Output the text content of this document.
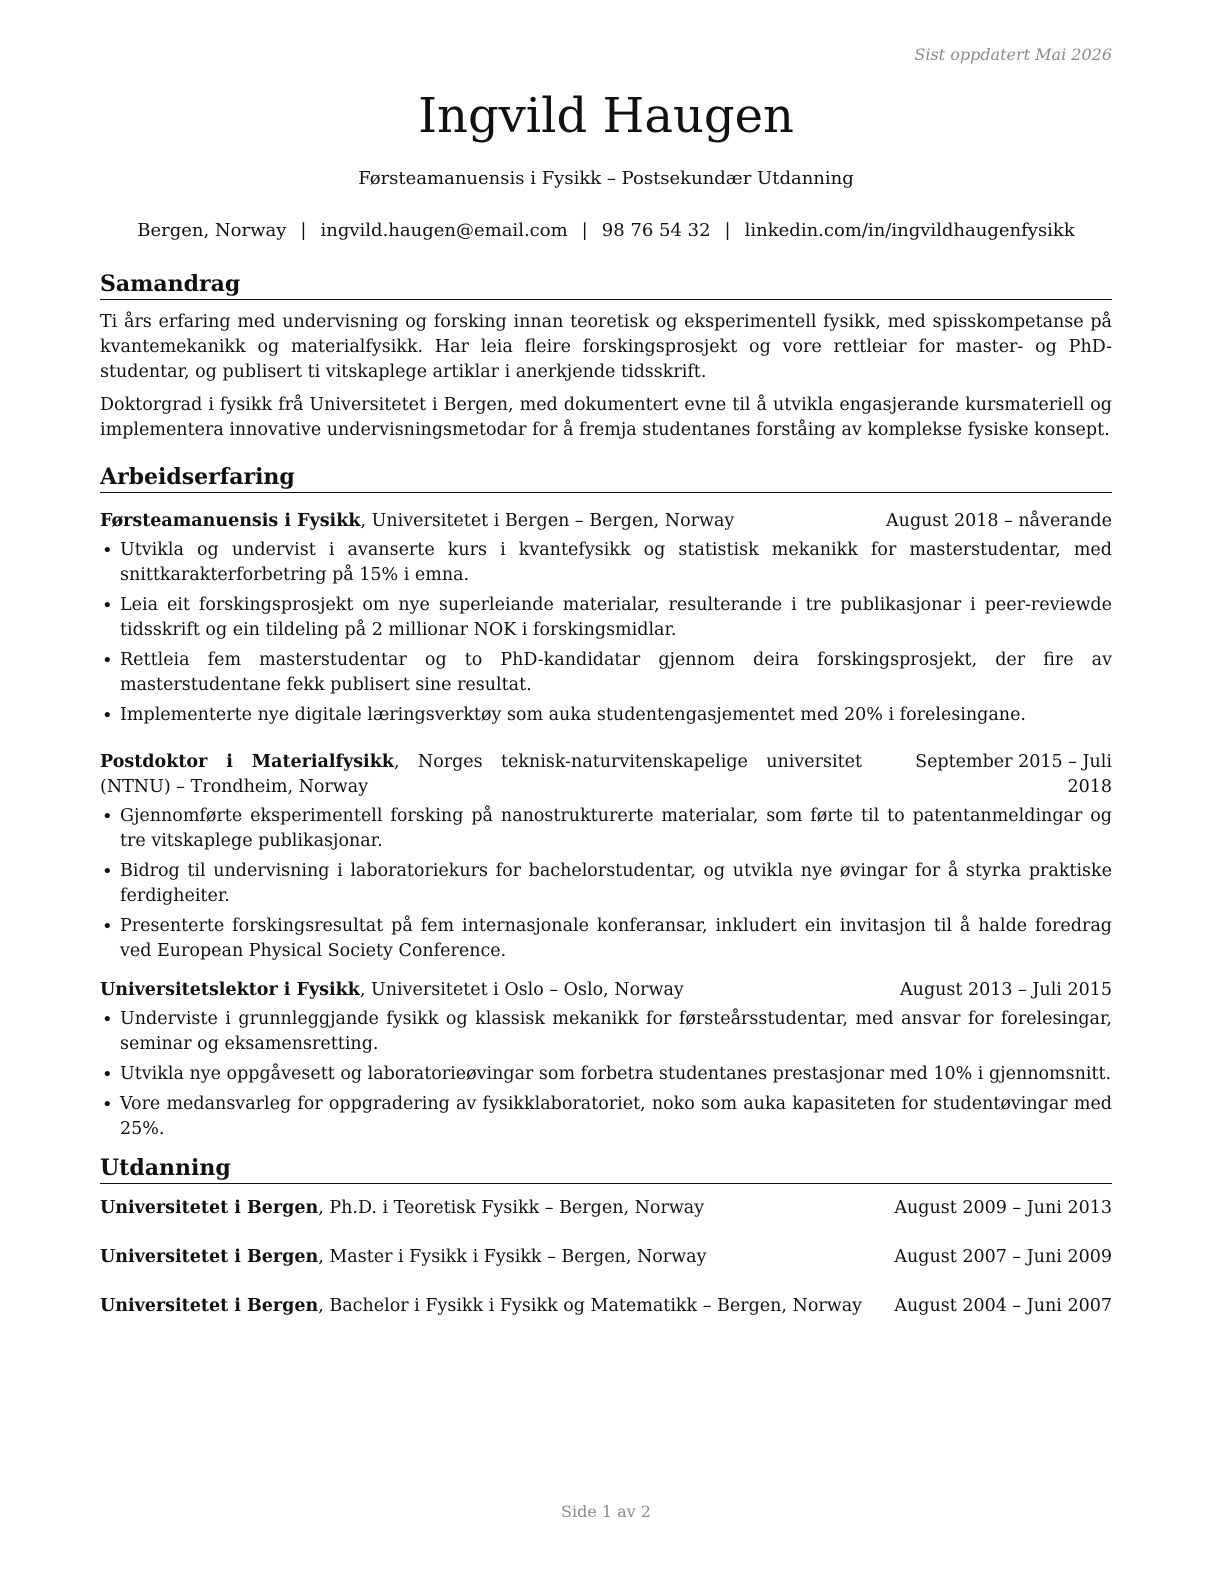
Sist oppdatert Mai 2026
Ingvild Haugen
Førsteamanuensis i Fysikk – Postsekundær Utdanning
Bergen, Norway | ingvild.haugen@email.com | 98 76 54 32 | linkedin.com/in/ingvildhaugenfysikk
Samandrag

Ti års erfaring med undervisning og forsking innan teoretisk og eksperimentell fysikk, med spisskompetanse på kvantemekanikk og materialfysikk. Har leia fleire forskingsprosjekt og vore rettleiar for master- og PhD-studentar, og publisert ti vitskaplege artiklar i anerkjende tidsskrift.

Doktorgrad i fysikk frå Universitetet i Bergen, med dokumentert evne til å utvikla engasjerande kursmateriell og implementera innovative undervisningsmetodar for å fremja studentanes forståing av komplekse fysiske konsept.

Arbeidserfaring
Førsteamanuensis i Fysikk, Universitetet i Bergen – Bergen, Norway	August 2018 – nåverande
• Utvikla og undervist i avanserte kurs i kvantefysikk og statistisk mekanikk for masterstudentar, med snittkarakterforbetring på 15% i emna.
• Leia eit forskingsprosjekt om nye superleiande materialar, resulterande i tre publikasjonar i peer-reviewde tidsskrift og ein tildeling på 2 millionar NOK i forskingsmidlar.
• Rettleia fem masterstudentar og to PhD-kandidatar gjennom deira forskingsprosjekt, der fire av masterstudentane fekk publisert sine resultat.
• Implementerte nye digitale læringsverktøy som auka studentengasjementet med 20% i forelesingane.
Postdoktor i Materialfysikk, Norges teknisk-naturvitenskapelige universitet (NTNU) – Trondheim, Norway
September 2015 – Juli 2018
• Gjennomførte eksperimentell forsking på nanostrukturerte materialar, som førte til to patentanmeldingar og tre vitskaplege publikasjonar.
• Bidrog til undervisning i laboratoriekurs for bachelorstudentar, og utvikla nye øvingar for å styrka praktiske ferdigheiter.
• Presenterte forskingsresultat på fem internasjonale konferansar, inkludert ein invitasjon til å halde foredrag ved European Physical Society Conference.
Universitetslektor i Fysikk, Universitetet i Oslo – Oslo, Norway	August 2013 – Juli 2015
• Underviste i grunnleggjande fysikk og klassisk mekanikk for førsteårsstudentar, med ansvar for forelesingar, seminar og eksamensretting.
• Utvikla nye oppgåvesett og laboratorieøvingar som forbetra studentanes prestasjonar med 10% i gjennomsnitt.
• Vore medansvarleg for oppgradering av fysikklaboratoriet, noko som auka kapasiteten for studentøvingar med 25%.
Utdanning
Universitetet i Bergen, Ph.D. i Teoretisk Fysikk – Bergen, Norway	August 2009 – Juni 2013
Universitetet i Bergen, Master i Fysikk i Fysikk – Bergen, Norway	August 2007 – Juni 2009
Universitetet i Bergen, Bachelor i Fysikk i Fysikk og Matematikk – Bergen, Norway August 2004 – Juni 2007
Side 1 av 2
